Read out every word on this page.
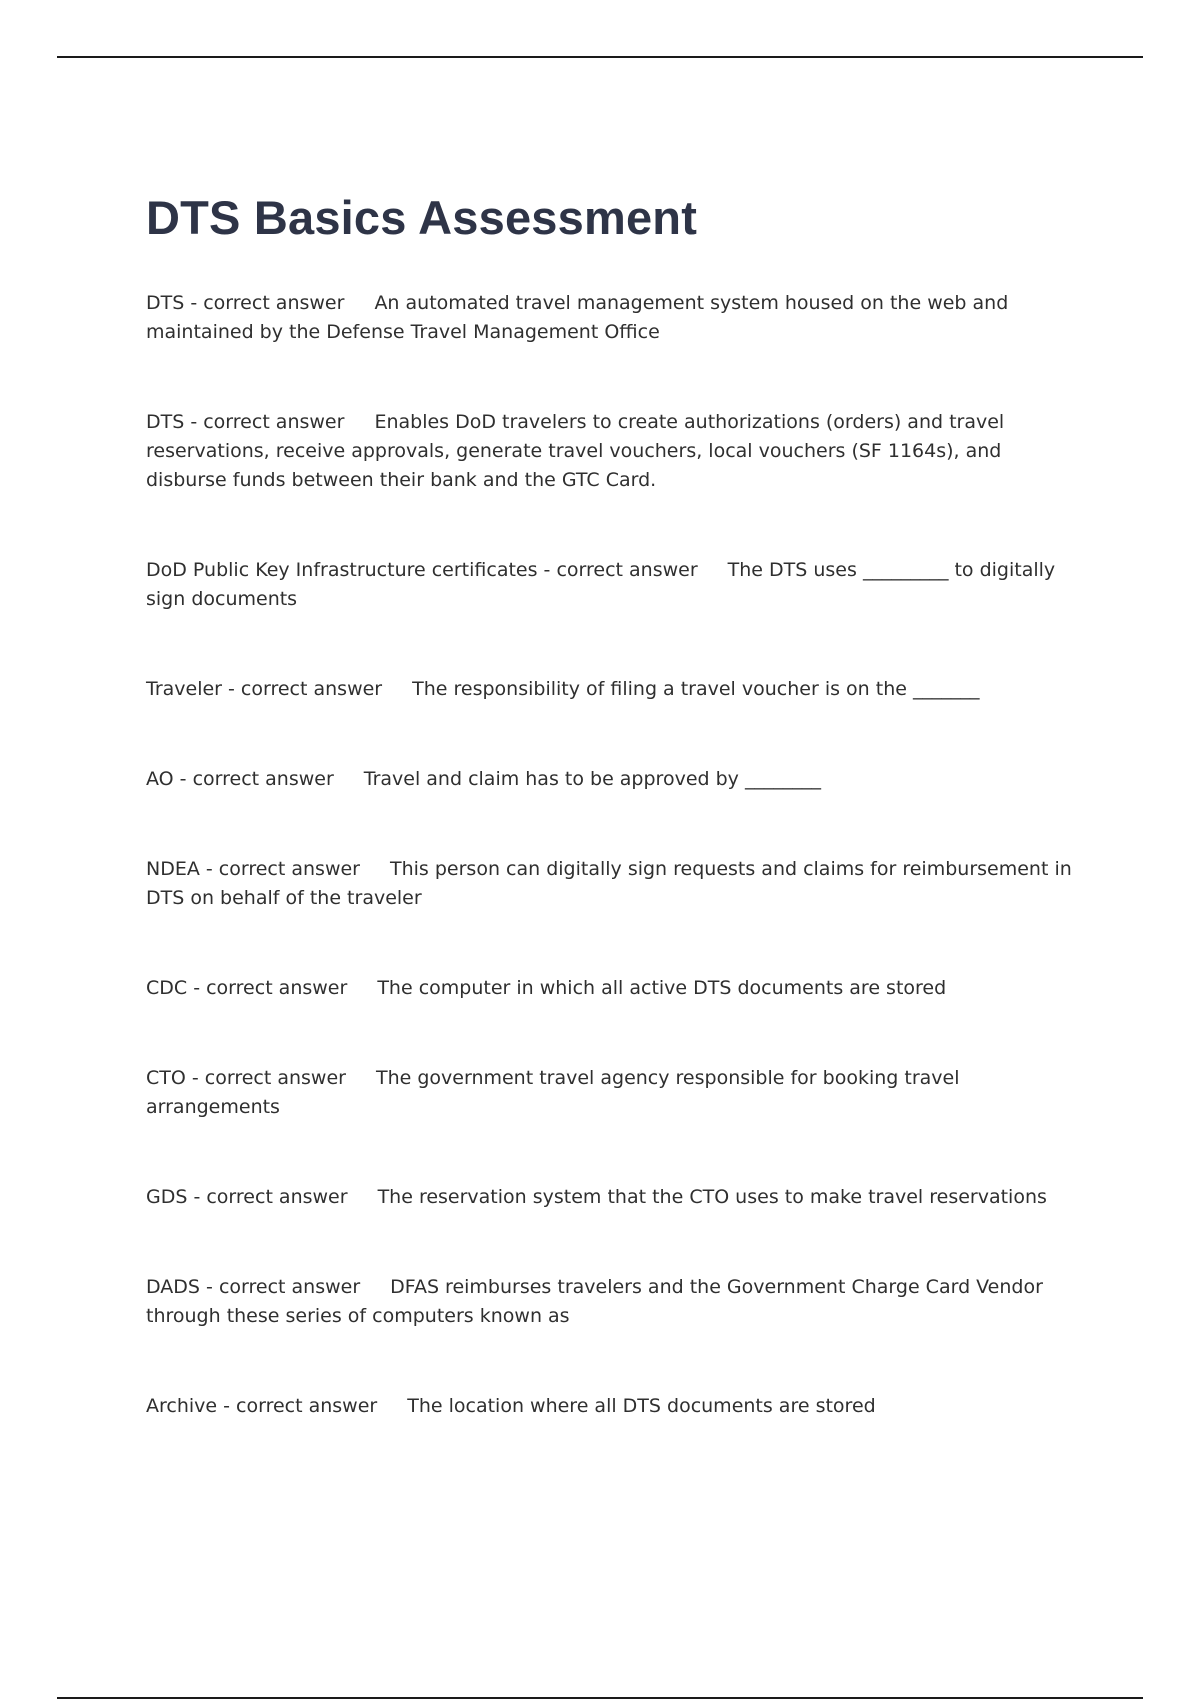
DTS Basics Assessment
DTS - correct answer An automated travel management system housed on the web and maintained by the Defense Travel Management Office
DTS - correct answer Enables DoD travelers to create authorizations (orders) and travel reservations, receive approvals, generate travel vouchers, local vouchers (SF 1164s), and disburse funds between their bank and the GTC Card.
DoD Public Key Infrastructure certificates - correct answer The DTS uses _________ to digitally sign documents
Traveler - correct answer The responsibility of filing a travel voucher is on the _______
AO - correct answer Travel and claim has to be approved by ________
NDEA - correct answer This person can digitally sign requests and claims for reimbursement in DTS on behalf of the traveler
CDC - correct answer The computer in which all active DTS documents are stored
CTO - correct answer The government travel agency responsible for booking travel arrangements
GDS - correct answer The reservation system that the CTO uses to make travel reservations
DADS - correct answer DFAS reimburses travelers and the Government Charge Card Vendor through these series of computers known as
Archive - correct answer The location where all DTS documents are stored
